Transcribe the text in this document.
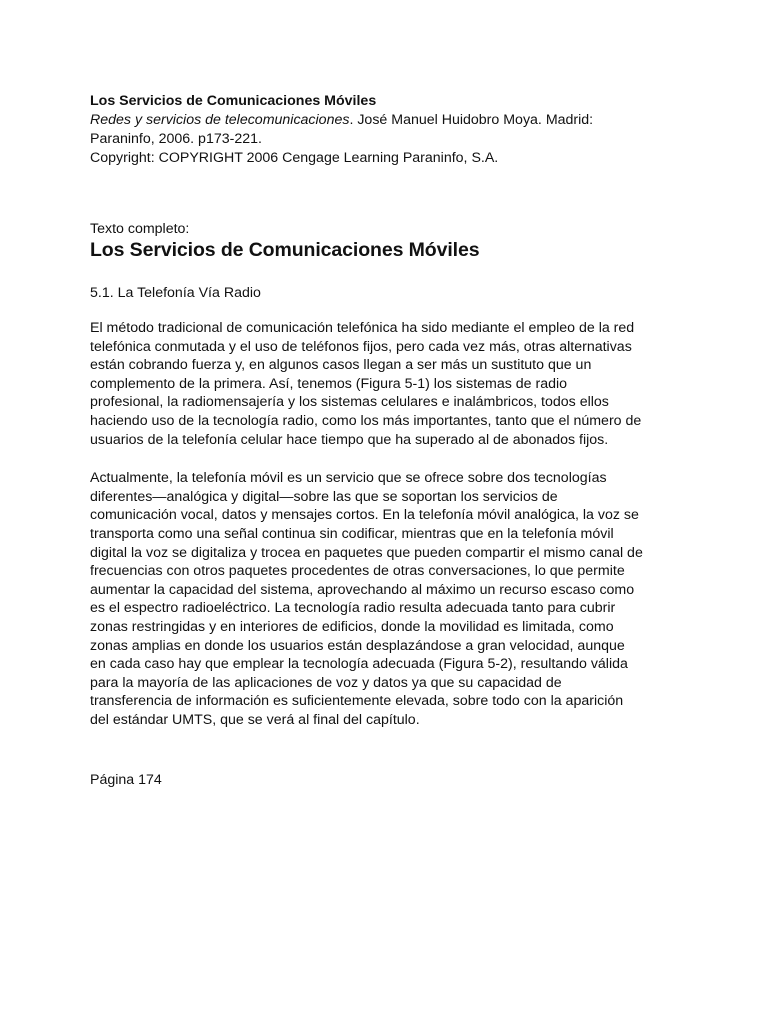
Los Servicios de Comunicaciones Móviles
Redes y servicios de telecomunicaciones. José Manuel Huidobro Moya. Madrid:
Paraninfo, 2006. p173-221.
Copyright: COPYRIGHT 2006 Cengage Learning Paraninfo, S.A.
Texto completo:
Los Servicios de Comunicaciones Móviles
5.1. La Telefonía Vía Radio
El método tradicional de comunicación telefónica ha sido mediante el empleo de la red
telefónica conmutada y el uso de teléfonos fijos, pero cada vez más, otras alternativas
están cobrando fuerza y, en algunos casos llegan a ser más un sustituto que un
complemento de la primera. Así, tenemos (Figura 5-1) los sistemas de radio
profesional, la radiomensajería y los sistemas celulares e inalámbricos, todos ellos
haciendo uso de la tecnología radio, como los más importantes, tanto que el número de
usuarios de la telefonía celular hace tiempo que ha superado al de abonados fijos.
Actualmente, la telefonía móvil es un servicio que se ofrece sobre dos tecnologías
diferentes—analógica y digital—sobre las que se soportan los servicios de
comunicación vocal, datos y mensajes cortos. En la telefonía móvil analógica, la voz se
transporta como una señal continua sin codificar, mientras que en la telefonía móvil
digital la voz se digitaliza y trocea en paquetes que pueden compartir el mismo canal de
frecuencias con otros paquetes procedentes de otras conversaciones, lo que permite
aumentar la capacidad del sistema, aprovechando al máximo un recurso escaso como
es el espectro radioeléctrico. La tecnología radio resulta adecuada tanto para cubrir
zonas restringidas y en interiores de edificios, donde la movilidad es limitada, como
zonas amplias en donde los usuarios están desplazándose a gran velocidad, aunque
en cada caso hay que emplear la tecnología adecuada (Figura 5-2), resultando válida
para la mayoría de las aplicaciones de voz y datos ya que su capacidad de
transferencia de información es suficientemente elevada, sobre todo con la aparición
del estándar UMTS, que se verá al final del capítulo.
Página 174
